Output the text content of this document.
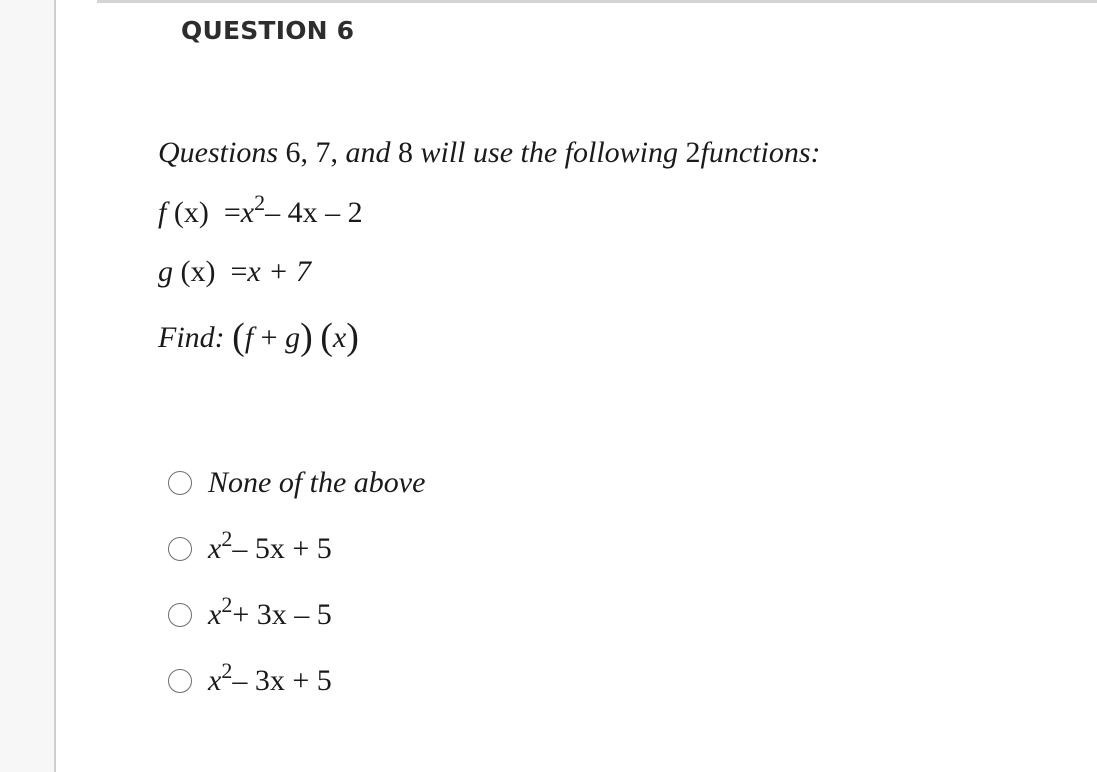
QUESTION 6
Questions 6, 7, and 8 will use the following 2functions:
f $(x) =x^2-$ 4x – 2
g (x) =x + 7
Find: (f + g) (x)
None of the above
$x^2-$ 5x + 5
$x^2+ 3x - 5$
$x^2-$ 3x + 5
